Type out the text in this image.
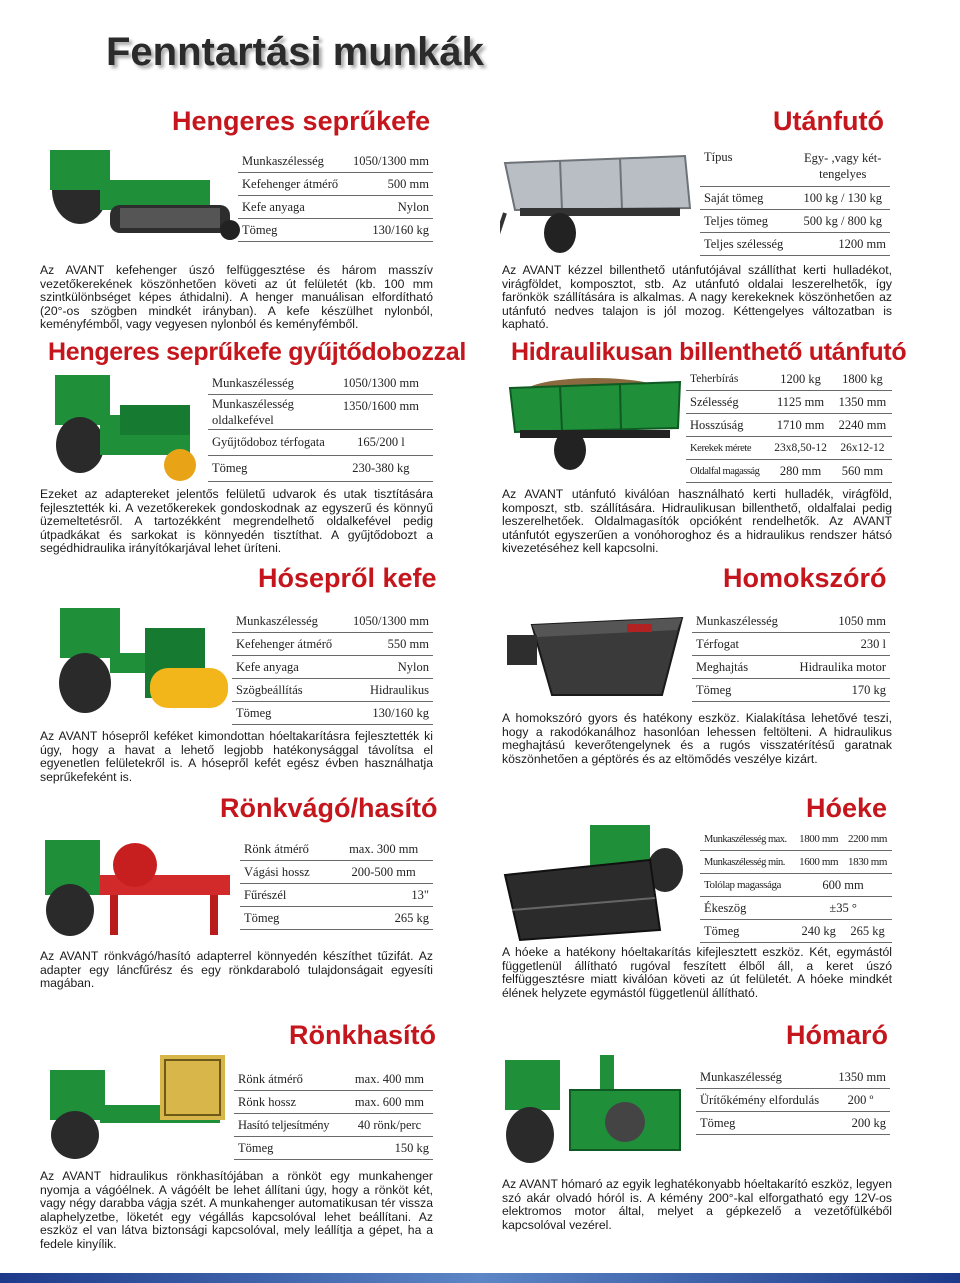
Fenntartási munkák
Hengeres seprűkefe
Munkaszélesség	1050/1300 mm
Kefehenger átmérő	500 mm
Kefe anyaga	Nylon
Tömeg	130/160 kg
Az AVANT kefehenger úszó felfüggesztése és három masszív vezetőkerekének köszönhetően követi az út felületét (kb. 100 mm szintkülönbséget képes áthidalni). A henger manuálisan elfordítható (20°-os szögben mindkét irányban). A kefe készülhet nylonból, keményfémből, vagy vegyesen nylonból és keményfémből.
Hengeres seprűkefe gyűjtődobozzal
Munkaszélesség	1050/1300 mm
Munkaszélesség oldalkefével	1350/1600 mm
Gyűjtődoboz térfogata	165/200 l
Tömeg	230-380 kg
Ezeket az adaptereket jelentős felületű udvarok és utak tisztítására fejlesztették ki. A vezetőkerekek gondoskodnak az egyszerű és könnyű üzemeltetésről. A tartozékként megrendelhető oldalkefével pedig útpadkákat és sarkokat is könnyedén tisztíthat. A gyűjtődobozt a segédhidraulika irányítókarjával lehet üríteni.
Hósepről kefe
Munkaszélesség	1050/1300 mm
Kefehenger átmérő	550 mm
Kefe anyaga	Nylon
Szögbeállítás	Hidraulikus
Tömeg	130/160 kg
Az AVANT hósepről keféket kimondottan hóeltakarításra fejlesztették ki úgy, hogy a havat a lehető legjobb hatékonysággal távolítsa el egyenetlen felületekről is. A hósepről kefét egész évben használhatja seprűkefeként is.
Rönkvágó/hasító
Rönk átmérő	max. 300 mm
Vágási hossz	200-500 mm
Fűrészél	13"
Tömeg	265 kg
Az AVANT rönkvágó/hasító adapterrel könnyedén készíthet tűzifát. Az adapter egy láncfűrész és egy rönkdaraboló tulajdonságait egyesíti magában.
Rönkhasító
Rönk átmérő	max. 400 mm
Rönk hossz	max. 600 mm
Hasító teljesítmény	40 rönk/perc
Tömeg	150 kg
Az AVANT hidraulikus rönkhasítójában a rönköt egy munkahenger nyomja a vágóélnek. A vágóélt be lehet állítani úgy, hogy a rönköt két, vagy négy darabba vágja szét. A munkahenger automatikusan tér vissza alaphelyzetbe, löketét egy végállás kapcsolóval lehet beállítani. Az eszköz el van látva biztonsági kapcsolóval, mely leállítja a gépet, ha a fedele kinyílik.
Utánfutó
Típus	Egy- ,vagy két-
tengelyes
Saját tömeg	100 kg / 130 kg
Teljes tömeg	500 kg / 800 kg
Teljes szélesség	1200 mm
Az AVANT kézzel billenthető utánfutójával szállíthat kerti hulladékot, virágföldet, komposztot, stb. Az utánfutó oldalai leszerelhetők, így farönkök szállítására is alkalmas. A nagy kerekeknek köszönhetően az utánfutó nedves talajon is jól mozog. Kéttengelyes változatban is kapható.
Hidraulikusan billenthető utánfutó
Teherbírás	1200 kg	1800 kg
Szélesség	1125 mm	1350 mm
Hosszúság	1710 mm	2240 mm
Kerekek mérete	23x8,50-12	26x12-12
Oldalfal magasság	280 mm	560 mm
Az AVANT utánfutó kiválóan használható kerti hulladék, virágföld, komposzt, stb. szállítására. Hidraulikusan billenthető, oldalfalai pedig leszerelhetőek. Oldalmagasítók opcióként rendelhetők. Az AVANT utánfutót egyszerűen a vonóhoroghoz és a hidraulikus rendszer hátsó kivezetéséhez kell kapcsolni.
Homokszóró
Munkaszélesség	1050 mm
Térfogat	230 l
Meghajtás	Hidraulika motor
Tömeg	170 kg
A homokszóró gyors és hatékony eszköz. Kialakítása lehetővé teszi, hogy a rakodókanálhoz hasonlóan lehessen feltölteni. A hidraulikus meghajtású keverőtengelynek és a rugós visszatérítésű garatnak köszönhetően a géptörés és az eltömődés veszélye kizárt.
Hóeke
Munkaszélesség max.	1800 mm	2200 mm
Munkaszélesség min.	1600 mm	1830 mm
Tolólap magassága	600 mm	
Ékeszög	±35 °	
Tömeg	240 kg	265 kg
A hóeke a hatékony hóeltakarítás kifejlesztett eszköz. Két, egymástól függetlenül állítható rugóval feszített élből áll, a keret úszó felfüggesztésre miatt kiválóan követi az út felületét. A hóeke mindkét élének helyzete egymástól függetlenül állítható.
Hómaró
Munkaszélesség	1350 mm
Ürítőkémény elfordulás	200 º
Tömeg	200 kg
Az AVANT hómaró az egyik leghatékonyabb hóeltakarító eszköz, legyen szó akár olvadó hóról is. A kémény 200°-kal elforgatható egy 12V-os elektromos motor által, melyet a gépkezelő a vezetőfülkéből kapcsolóval vezérel.
